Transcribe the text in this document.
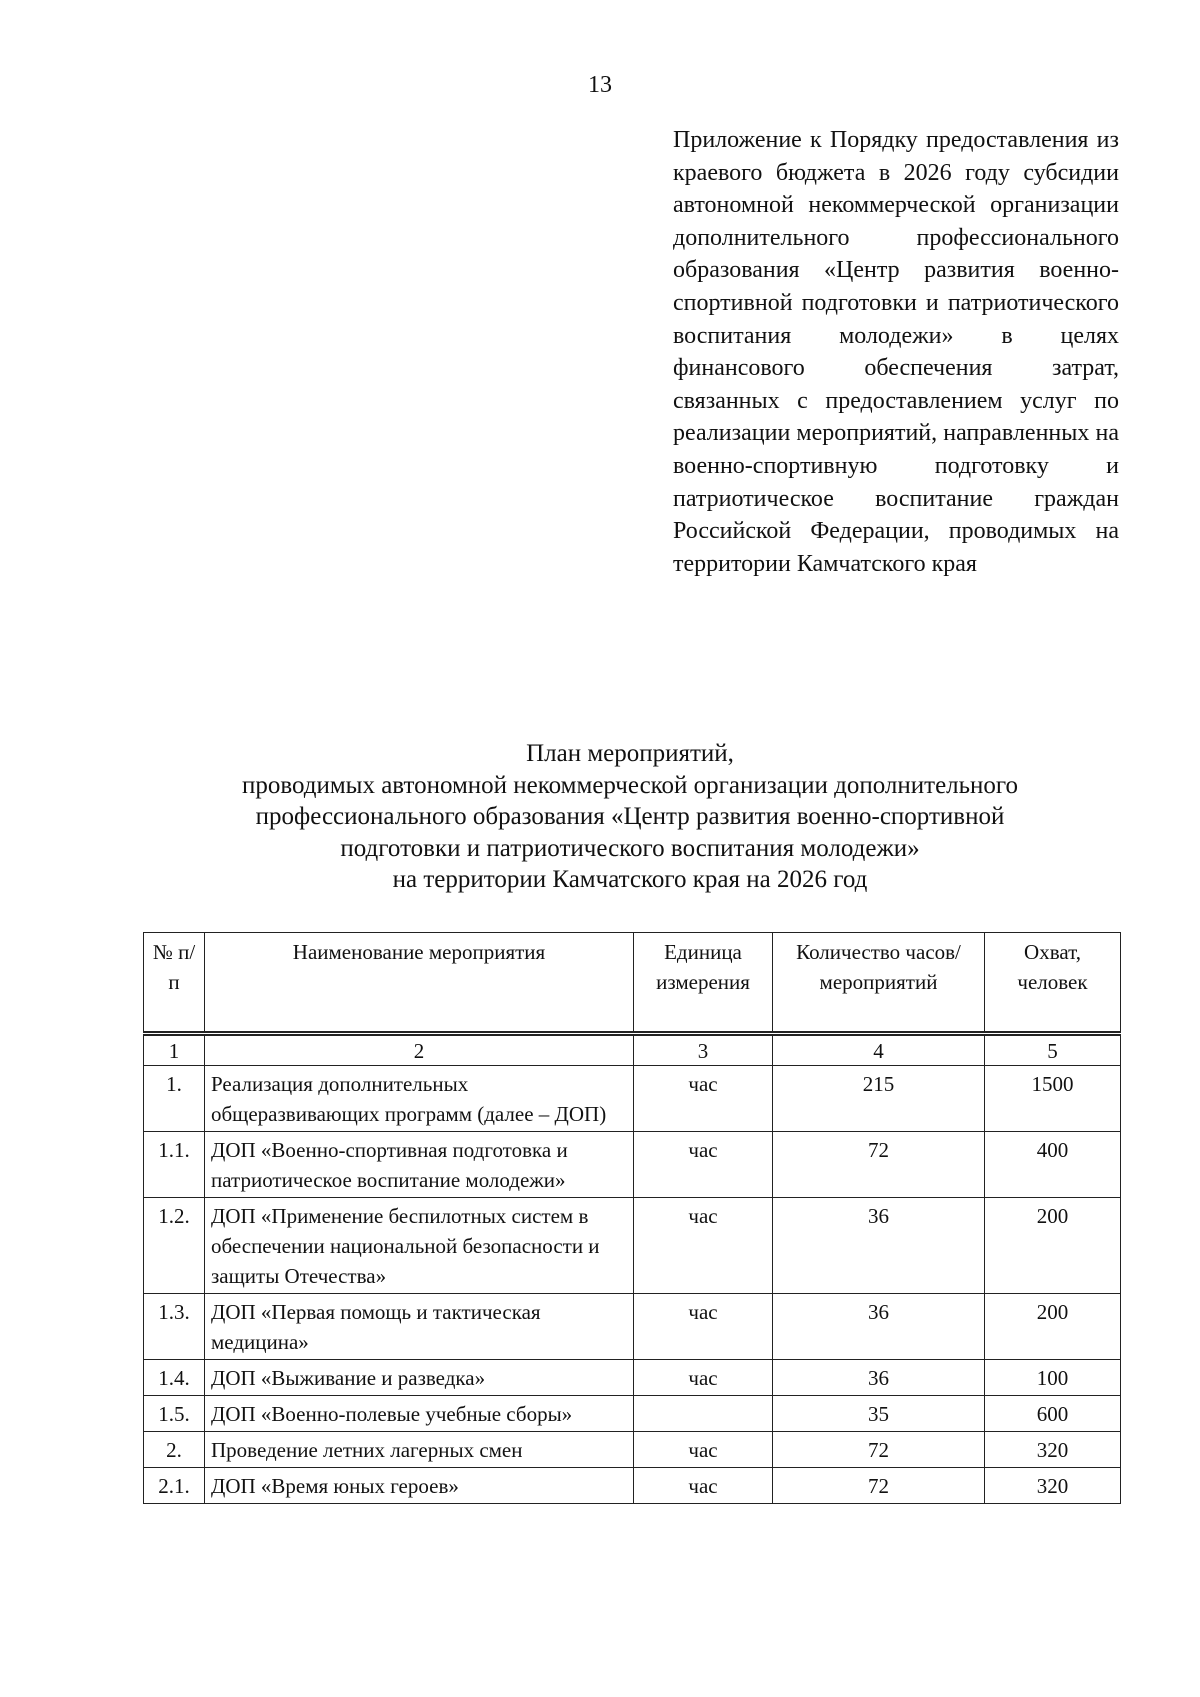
13
Приложение к Порядку предоставления из краевого бюджета в 2026 году субсидии автономной некоммерческой организации дополнительного профессионального образования «Центр развития военно-спортивной подготовки и патриотического воспитания молодежи» в целях финансового обеспечения затрат, связанных с предоставлением услуг по реализации мероприятий, направленных на военно-спортивную подготовку и патриотическое воспитание граждан Российской Федерации, проводимых на территории Камчатского края
План мероприятий,
проводимых автономной некоммерческой организации дополнительного
профессионального образования «Центр развития военно-спортивной
подготовки и патриотического воспитания молодежи»
на территории Камчатского края на 2026 год
№ п/п	Наименование мероприятия	Единица измерения	Количество часов/ мероприятий	Охват, человек
1	2	3	4	5
1.	Реализация дополнительных общеразвивающих программ (далее – ДОП)	час	215	1500
1.1.	ДОП «Военно-спортивная подготовка и патриотическое воспитание молодежи»	час	72	400
1.2.	ДОП «Применение беспилотных систем в обеспечении национальной безопасности и защиты Отечества»	час	36	200
1.3.	ДОП «Первая помощь и тактическая медицина»	час	36	200
1.4.	ДОП «Выживание и разведка»	час	36	100
1.5.	ДОП «Военно-полевые учебные сборы»		35	600
2.	Проведение летних лагерных смен	час	72	320
2.1.	ДОП «Время юных героев»	час	72	320
